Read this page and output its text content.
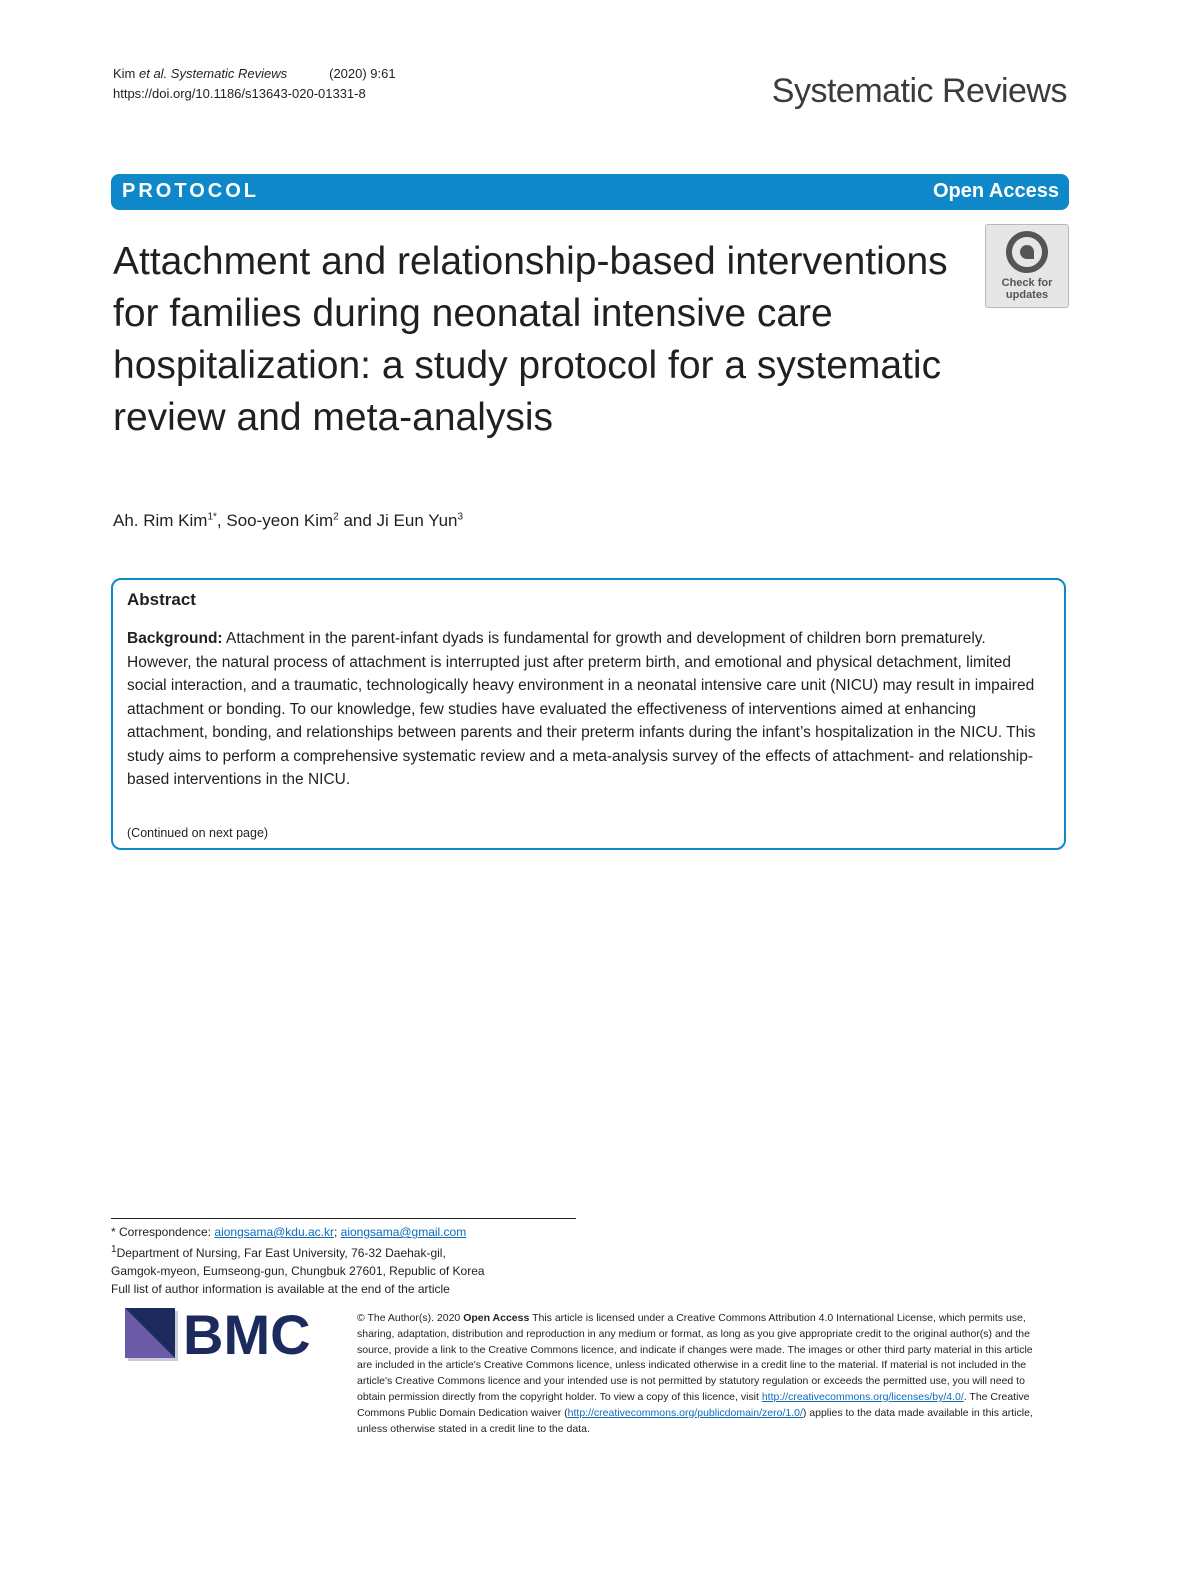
Kim et al. Systematic Reviews	(2020) 9:61
https://doi.org/10.1186/s13643-020-01331-8	Systematic Reviews
PROTOCOL	Open Access
Attachment and relationship-based interventions for families during neonatal intensive care hospitalization: a study protocol for a systematic review and meta-analysis
Check for
updates
Ah. Rim Kim$^{1*}$, Soo-yeon Kim$^2$ and Ji Eun Yun$^3$
Abstract

Background: Attachment in the parent-infant dyads is fundamental for growth and development of children born prematurely. However, the natural process of attachment is interrupted just after preterm birth, and emotional and physical detachment, limited social interaction, and a traumatic, technologically heavy environment in a neonatal intensive care unit (NICU) may result in impaired attachment or bonding. To our knowledge, few studies have evaluated the effectiveness of interventions aimed at enhancing attachment, bonding, and relationships between parents and their preterm infants during the infant’s hospitalization in the NICU. This study aims to perform a comprehensive systematic review and a meta-analysis survey of the effects of attachment- and relationship-based interventions in the NICU.

(Continued on next page)
* Correspondence: aiongsama@kdu.ac.kr; aiongsama@gmail.com
$^1$Department of Nursing, Far East University, 76-32 Daehak-gil,
Gamgok-myeon, Eumseong-gun, Chungbuk 27601, Republic of Korea
Full list of author information is available at the end of the article
BMC	© The Author(s). 2020 Open Access This article is licensed under a Creative Commons Attribution 4.0 International License, which permits use, sharing, adaptation, distribution and reproduction in any medium or format, as long as you give appropriate credit to the original author(s) and the source, provide a link to the Creative Commons licence, and indicate if changes were made. The images or other third party material in this article are included in the article's Creative Commons licence, unless indicated otherwise in a credit line to the material. If material is not included in the article's Creative Commons licence and your intended use is not permitted by statutory regulation or exceeds the permitted use, you will need to obtain permission directly from the copyright holder. To view a copy of this licence, visit http://creativecommons.org/licenses/by/4.0/. The Creative Commons Public Domain Dedication waiver (http://creativecommons.org/publicdomain/zero/1.0/) applies to the data made available in this article, unless otherwise stated in a credit line to the data.
